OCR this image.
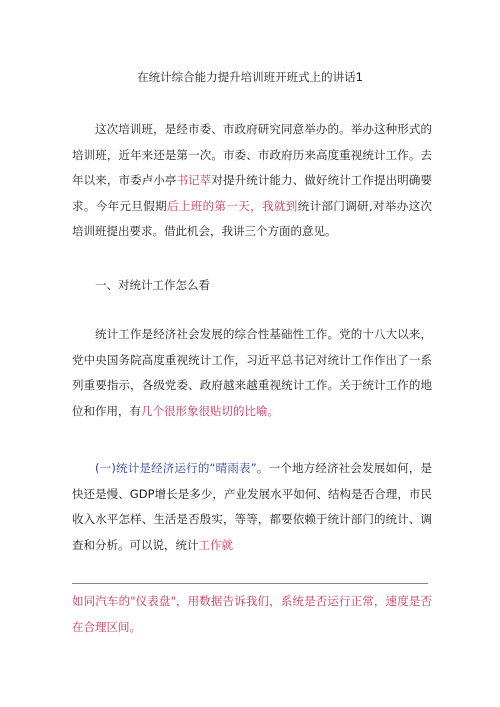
在统计综合能力提升培训班开班式上的讲话1

这次培训班，是经市委、市政府研究同意举办的。举办这种形式的培训班，近年来还是第一次。市委、市政府历来高度重视统计工作。去年以来，市委卢小亭书记萃对提升统计能力、做好统计工作提出明确要求。今年元旦假期后上班的第一天，我就到统计部门调研,对举办这次培训班提出要求。借此机会，我讲三个方面的意见。

一、对统计工作怎么看

统计工作是经济社会发展的综合性基础性工作。党的十八大以来，党中央国务院高度重视统计工作，习近平总书记对统计工作作出了一系列重要指示，各级党委、政府越来越重视统计工作。关于统计工作的地位和作用，有几个很形象很贴切的比喻。

(一)统计是经济运行的“晴雨表”。一个地方经济社会发展如何，是快还是慢、GDP增长是多少，产业发展水平如何、结构是否合理，市民收入水平怎样、生活是否殷实，等等，都要依赖于统计部门的统计、调查和分析。可以说，统计工作就

如同汽车的"仪表盘"，用数据告诉我们，系统是否运行正常，速度是否在合理区间。
